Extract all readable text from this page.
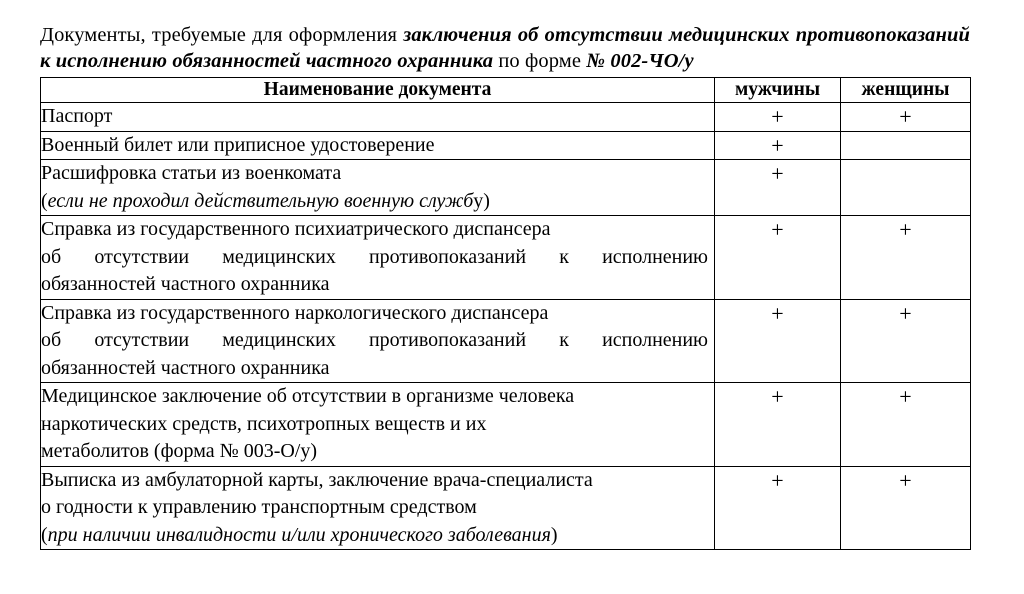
Документы, требуемые для оформления заключения об отсутствии медицинских противопоказаний к исполнению обязанностей частного охранника по форме № 002-ЧО/у

Наименование документа	мужчины	женщины

Паспорт	+	+

Военный билет или приписное удостоверение	+	

Расшифровка статьи из военкомата
(если не проходил действительную военную службу)	+	

Справка из государственного психиатрического диспансера
об отсутствии медицинских противопоказаний к исполнению
обязанностей частного охранника	+	+

Справка из государственного наркологического диспансера
об отсутствии медицинских противопоказаний к исполнению
обязанностей частного охранника	+	+

Медицинское заключение об отсутствии в организме человека
наркотических средств, психотропных веществ и их
метаболитов (форма № 003-О/у)	+	+

Выписка из амбулаторной карты, заключение врача-специалиста
о годности к управлению транспортным средством
(при наличии инвалидности и/или хронического заболевания)	+	+
